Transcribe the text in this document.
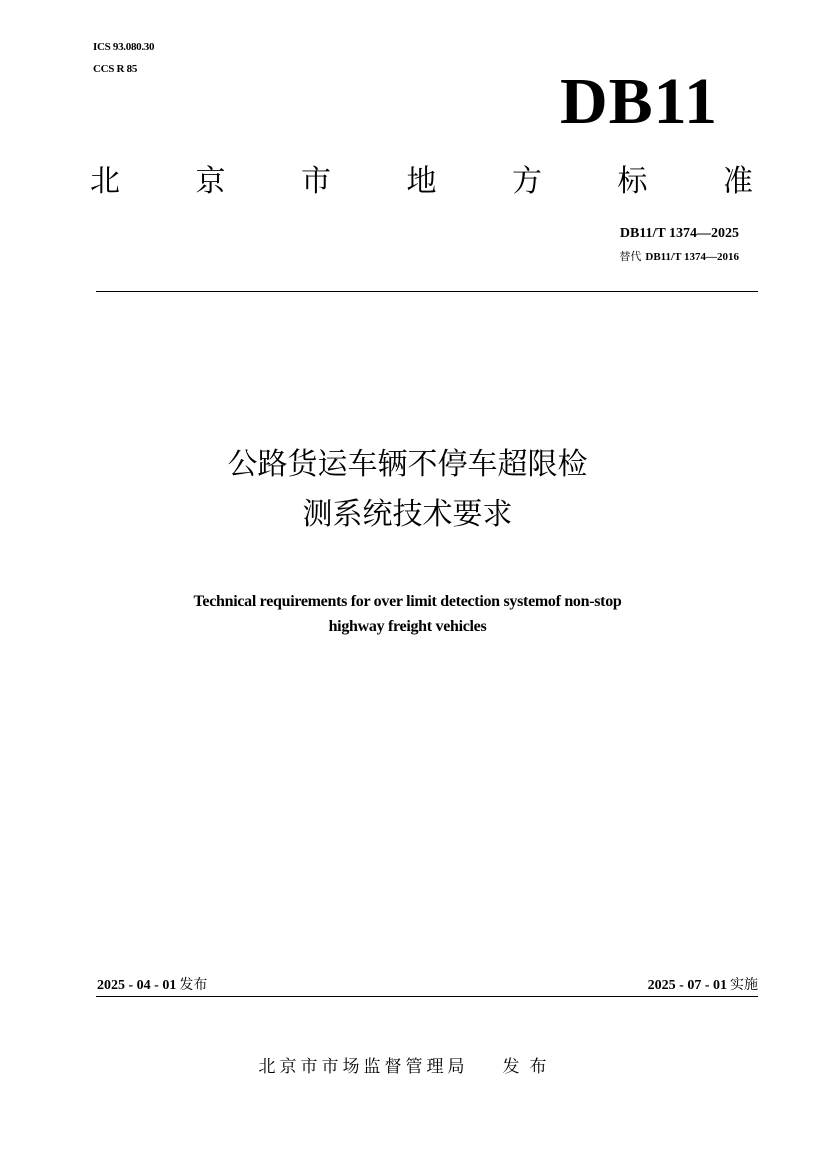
ICS 93.080.30
CCS R 85	DB11
北	京	市	地	方	标	准
DB11/T 1374—2025
替代 DB11/T 1374—2016
公路货运车辆不停车超限检
测系统技术要求
Technical requirements for over limit detection systemof non-stop
highway freight vehicles
2025 - 04 - 01 发布	2025 - 07 - 01 实施
北京市市场监督管理局 发布
